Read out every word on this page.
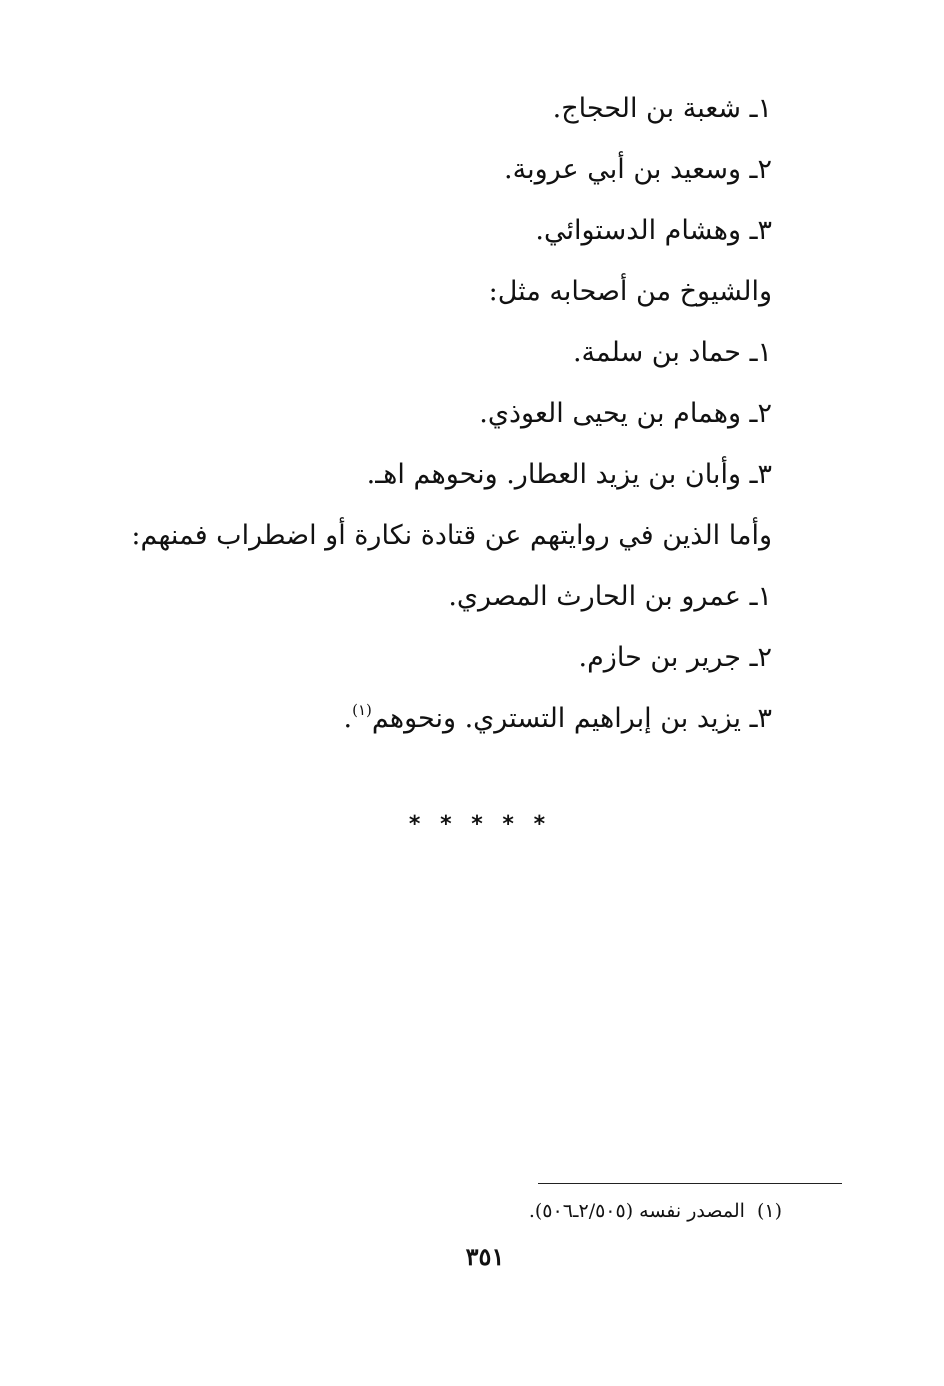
١ـ شعبة بن الحجاج.
٢ـ وسعيد بن أبي عروبة.
٣ـ وهشام الدستوائي.
والشيوخ من أصحابه مثل:
١ـ حماد بن سلمة.
٢ـ وهمام بن يحيى العوذي.
٣ـ وأبان بن يزيد العطار. ونحوهم اهـ.
وأما الذين في روايتهم عن قتادة نكارة أو اضطراب فمنهم:
١ـ عمرو بن الحارث المصري.
٢ـ جرير بن حازم.
٣ـ يزيد بن إبراهيم التستري. ونحوهم$^{(١)}$.
* * * * *
(١)المصدر نفسه (٢/٥٠٥ـ٥٠٦).
٣٥١
